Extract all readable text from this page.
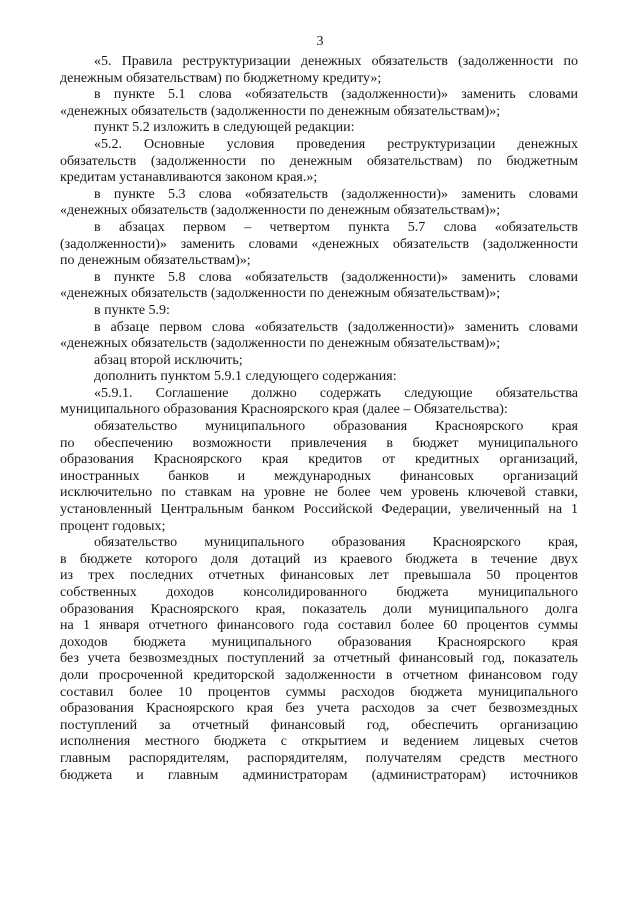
3
«5. Правила реструктуризации денежных обязательств (задолженности по
денежным обязательствам) по бюджетному кредиту»;
в пункте 5.1 слова «обязательств (задолженности)» заменить словами
«денежных обязательств (задолженности по денежным обязательствам)»;
пункт 5.2 изложить в следующей редакции:
«5.2. Основные условия проведения реструктуризации денежных
обязательств (задолженности по денежным обязательствам) по бюджетным
кредитам устанавливаются законом края.»;
в пункте 5.3 слова «обязательств (задолженности)» заменить словами
«денежных обязательств (задолженности по денежным обязательствам)»;
в абзацах первом – четвертом пункта 5.7 слова «обязательств
(задолженности)» заменить словами «денежных обязательств (задолженности
по денежным обязательствам)»;
в пункте 5.8 слова «обязательств (задолженности)» заменить словами
«денежных обязательств (задолженности по денежным обязательствам)»;
в пункте 5.9:
в абзаце первом слова «обязательств (задолженности)» заменить словами
«денежных обязательств (задолженности по денежным обязательствам)»;
абзац второй исключить;
дополнить пунктом 5.9.1 следующего содержания:
«5.9.1. Соглашение должно содержать следующие обязательства
муниципального образования Красноярского края (далее – Обязательства):
обязательство муниципального образования Красноярского края
по обеспечению возможности привлечения в бюджет муниципального
образования Красноярского края кредитов от кредитных организаций,
иностранных банков и международных финансовых организаций
исключительно по ставкам на уровне не более чем уровень ключевой ставки,
установленный Центральным банком Российской Федерации, увеличенный на 1
процент годовых;
обязательство муниципального образования Красноярского края,
в бюджете которого доля дотаций из краевого бюджета в течение двух
из трех последних отчетных финансовых лет превышала 50 процентов
собственных доходов консолидированного бюджета муниципального
образования Красноярского края, показатель доли муниципального долга
на 1 января отчетного финансового года составил более 60 процентов суммы
доходов бюджета муниципального образования Красноярского края
без учета безвозмездных поступлений за отчетный финансовый год, показатель
доли просроченной кредиторской задолженности в отчетном финансовом году
составил более 10 процентов суммы расходов бюджета муниципального
образования Красноярского края без учета расходов за счет безвозмездных
поступлений за отчетный финансовый год, обеспечить организацию
исполнения местного бюджета с открытием и ведением лицевых счетов
главным распорядителям, распорядителям, получателям средств местного
бюджета и главным администраторам (администраторам) источников
